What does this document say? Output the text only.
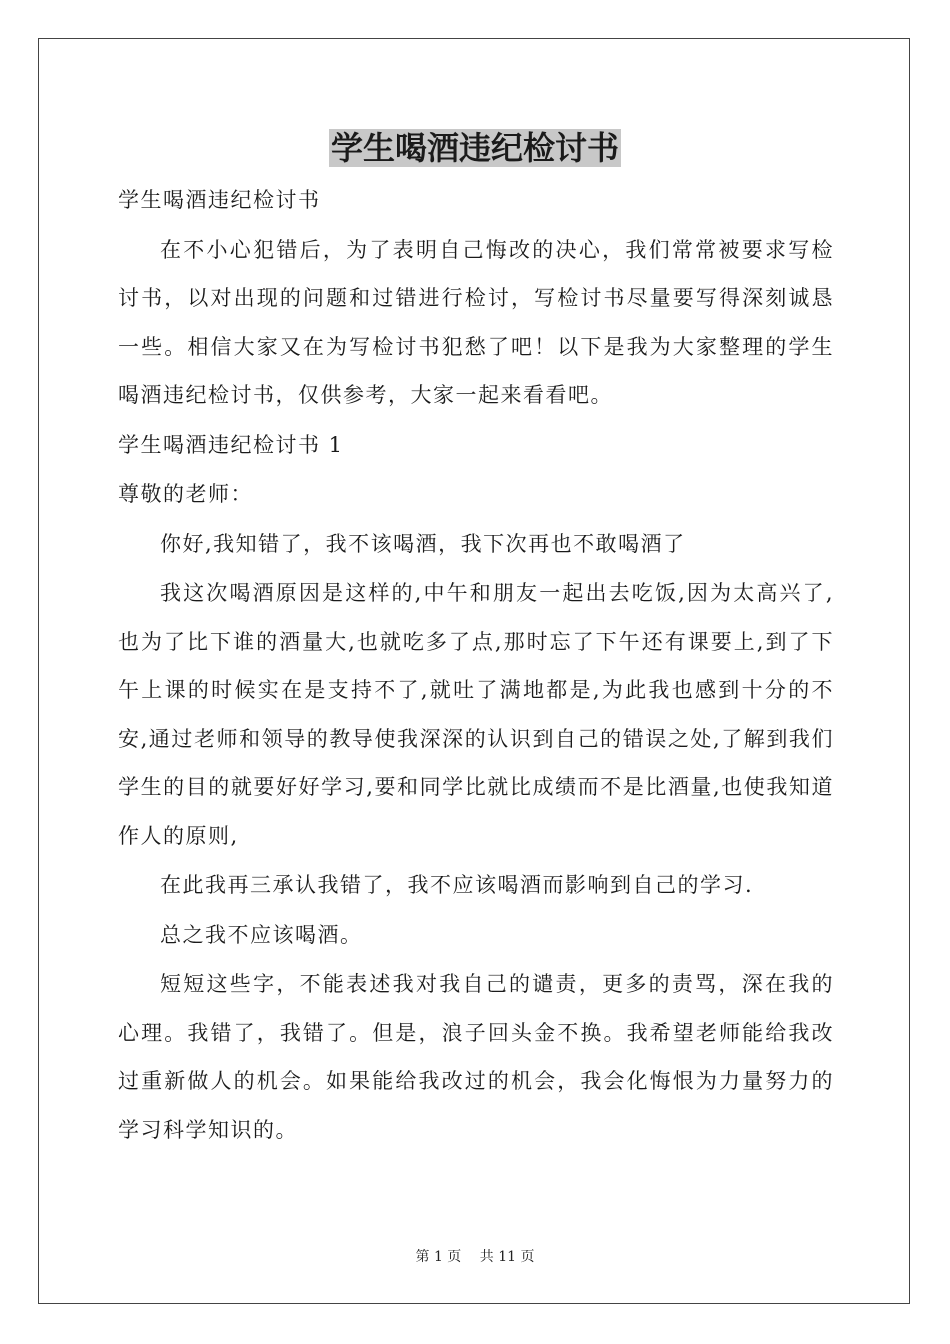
学生喝酒违纪检讨书

学生喝酒违纪检讨书

在不小心犯错后，为了表明自己悔改的决心，我们常常被要求写检讨书，以对出现的问题和过错进行检讨，写检讨书尽量要写得深刻诚恳一些。相信大家又在为写检讨书犯愁了吧！以下是我为大家整理的学生喝酒违纪检讨书，仅供参考，大家一起来看看吧。

学生喝酒违纪检讨书 1

尊敬的老师：

你好,我知错了，我不该喝酒，我下次再也不敢喝酒了

我这次喝酒原因是这样的,中午和朋友一起出去吃饭,因为太高兴了,也为了比下谁的酒量大,也就吃多了点,那时忘了下午还有课要上,到了下午上课的时候实在是支持不了,就吐了满地都是,为此我也感到十分的不安,通过老师和领导的教导使我深深的认识到自己的错误之处,了解到我们学生的目的就要好好学习,要和同学比就比成绩而不是比酒量,也使我知道作人的原则,

在此我再三承认我错了，我不应该喝酒而影响到自己的学习.

总之我不应该喝酒。

短短这些字，不能表述我对我自己的谴责，更多的责骂，深在我的心理。我错了，我错了。但是，浪子回头金不换。我希望老师能给我改过重新做人的机会。如果能给我改过的机会，我会化悔恨为力量努力的学习科学知识的。

第 1 页 共 11 页
